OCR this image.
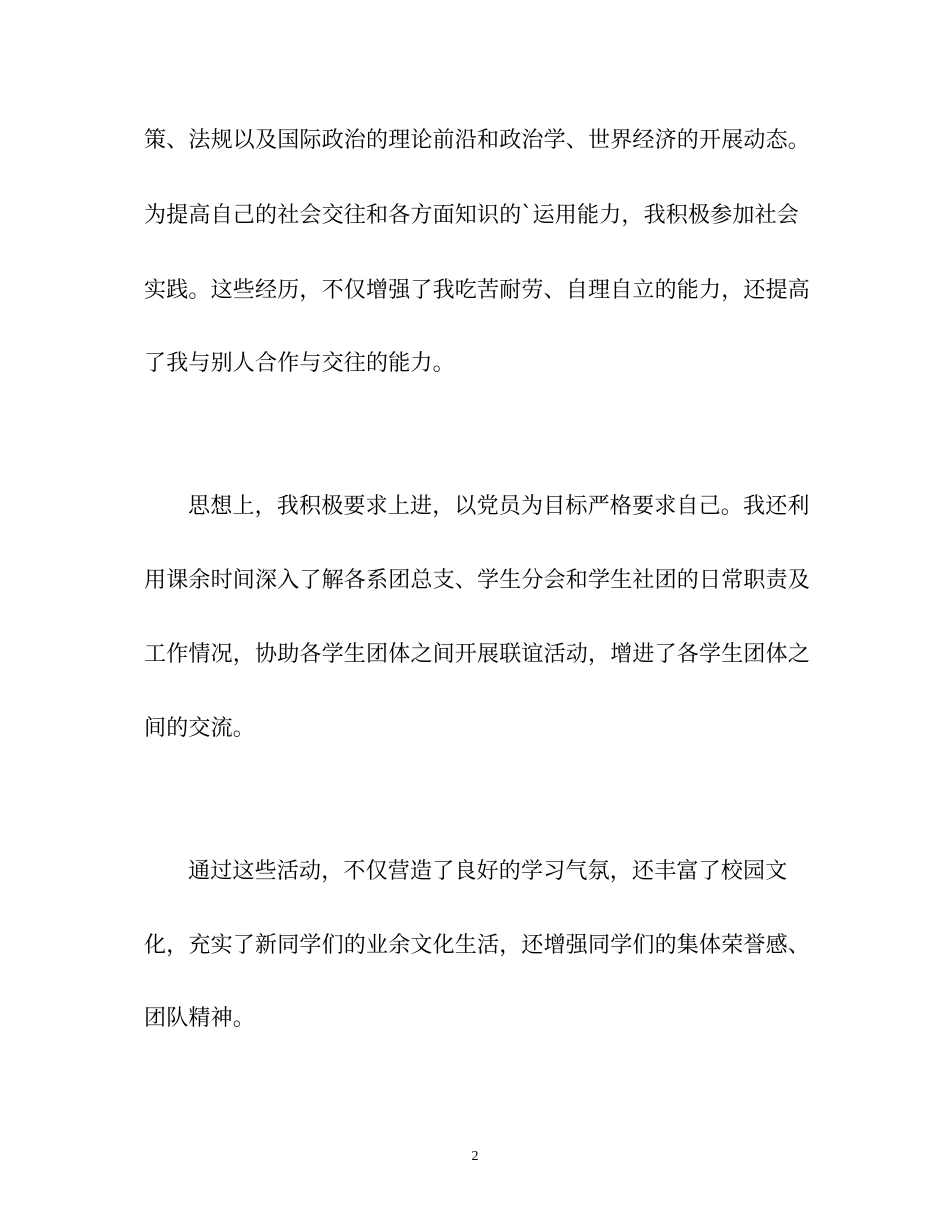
策、法规以及国际政治的理论前沿和政治学、世界经济的开展动态。
为提高自己的社会交往和各方面知识的`运用能力，我积极参加社会
实践。这些经历，不仅增强了我吃苦耐劳、自理自立的能力，还提高
了我与别人合作与交往的能力。
思想上，我积极要求上进，以党员为目标严格要求自己。我还利
用课余时间深入了解各系团总支、学生分会和学生社团的日常职责及
工作情况，协助各学生团体之间开展联谊活动，增进了各学生团体之
间的交流。
通过这些活动，不仅营造了良好的学习气氛，还丰富了校园文
化，充实了新同学们的业余文化生活，还增强同学们的集体荣誉感、
团队精神。
2
